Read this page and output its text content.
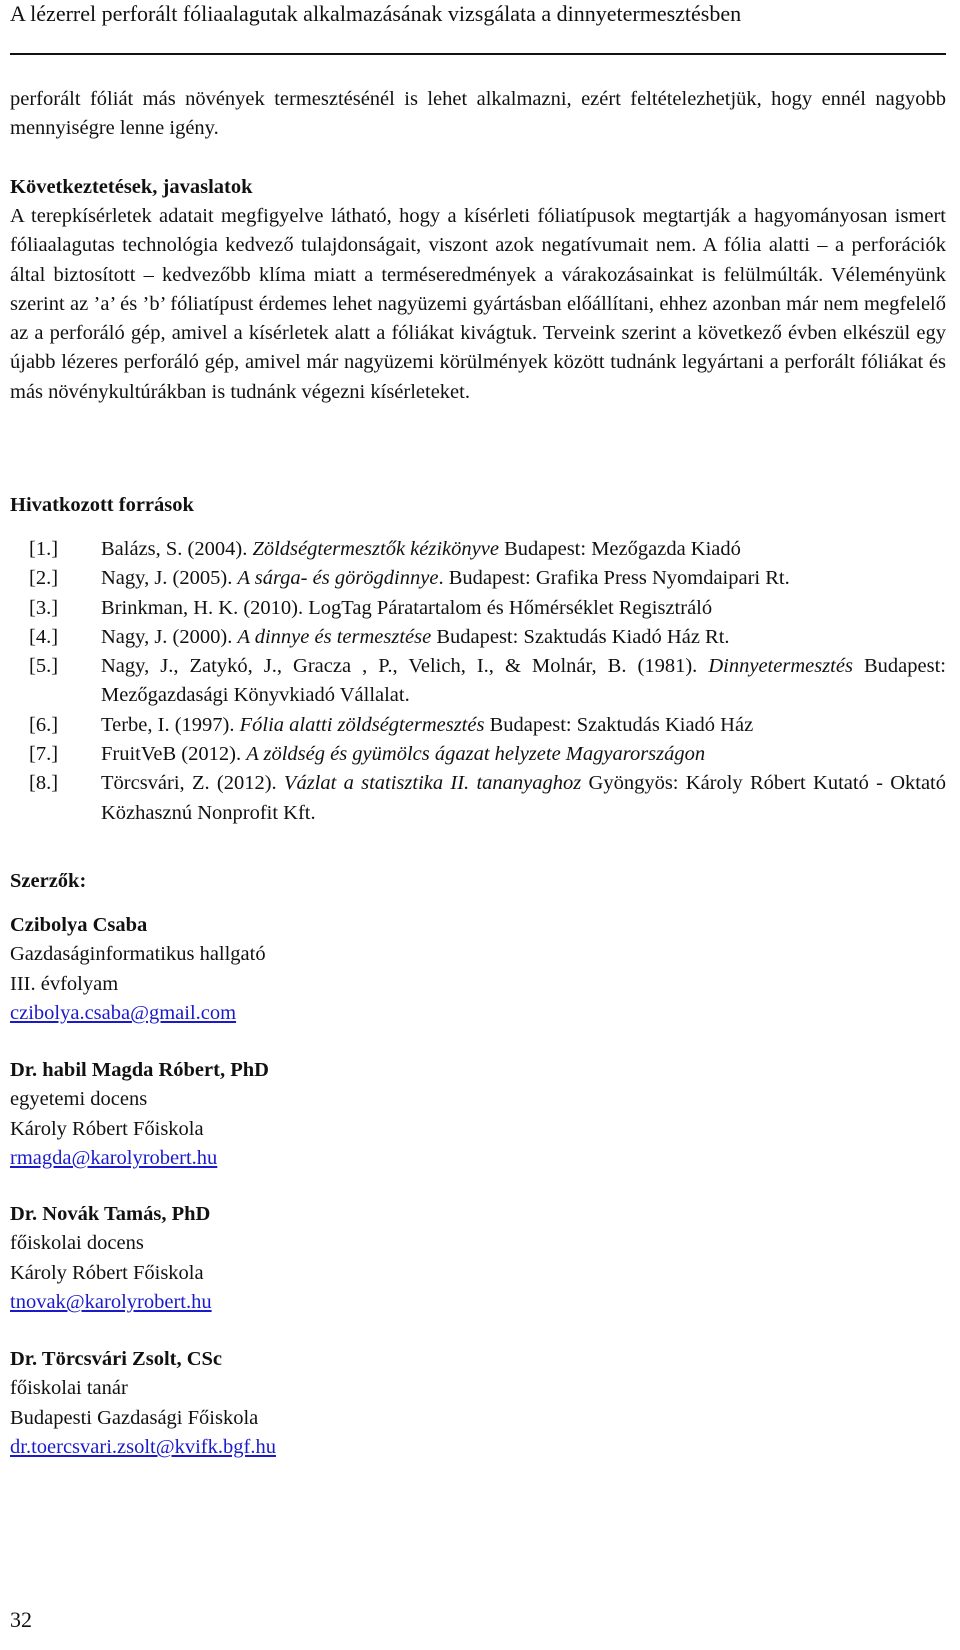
A lézerrel perforált fóliaalagutak alkalmazásának vizsgálata a dinnyetermesztésben
perforált fóliát más növények termesztésénél is lehet alkalmazni, ezért feltételezhetjük, hogy ennél nagyobb mennyiségre lenne igény.
Következtetések, javaslatok
A terepkísérletek adatait megfigyelve látható, hogy a kísérleti fóliatípusok megtartják a hagyományosan ismert fóliaalagutas technológia kedvező tulajdonságait, viszont azok negatívumait nem. A fólia alatti – a perforációk által biztosított – kedvezőbb klíma miatt a terméseredmények a várakozásainkat is felülmúlták. Véleményünk szerint az ’a’ és ’b’ fóliatípust érdemes lehet nagyüzemi gyártásban előállítani, ehhez azonban már nem megfelelő az a perforáló gép, amivel a kísérletek alatt a fóliákat kivágtuk. Terveink szerint a következő évben elkészül egy újabb lézeres perforáló gép, amivel már nagyüzemi körülmények között tudnánk legyártani a perforált fóliákat és más növénykultúrákban is tudnánk végezni kísérleteket.
Hivatkozott források
[1.]	Balázs, S. (2004). Zöldségtermesztők kézikönyve Budapest: Mezőgazda Kiadó
[2.]	Nagy, J. (2005). A sárga- és görögdinnye. Budapest: Grafika Press Nyomdaipari Rt.
[3.]	Brinkman, H. K. (2010). LogTag Páratartalom és Hőmérséklet Regisztráló
[4.]	Nagy, J. (2000). A dinnye és termesztése Budapest: Szaktudás Kiadó Ház Rt.
[5.]	Nagy, J., Zatykó, J., Gracza , P., Velich, I., & Molnár, B. (1981). Dinnyetermesztés Budapest: Mezőgazdasági Könyvkiadó Vállalat.
[6.]	Terbe, I. (1997). Fólia alatti zöldségtermesztés Budapest: Szaktudás Kiadó Ház
[7.]	FruitVeB (2012). A zöldség és gyümölcs ágazat helyzete Magyarországon
[8.]	Törcsvári, Z. (2012). Vázlat a statisztika II. tananyaghoz Gyöngyös: Károly Róbert Kutató - Oktató Közhasznú Nonprofit Kft.
Szerzők:
Czibolya Csaba
Gazdaságinformatikus hallgató
III. évfolyam
czibolya.csaba@gmail.com
Dr. habil Magda Róbert, PhD
egyetemi docens
Károly Róbert Főiskola
rmagda@karolyrobert.hu
Dr. Novák Tamás, PhD
főiskolai docens
Károly Róbert Főiskola
tnovak@karolyrobert.hu
Dr. Törcsvári Zsolt, CSc
főiskolai tanár
Budapesti Gazdasági Főiskola
dr.toercsvari.zsolt@kvifk.bgf.hu
32
